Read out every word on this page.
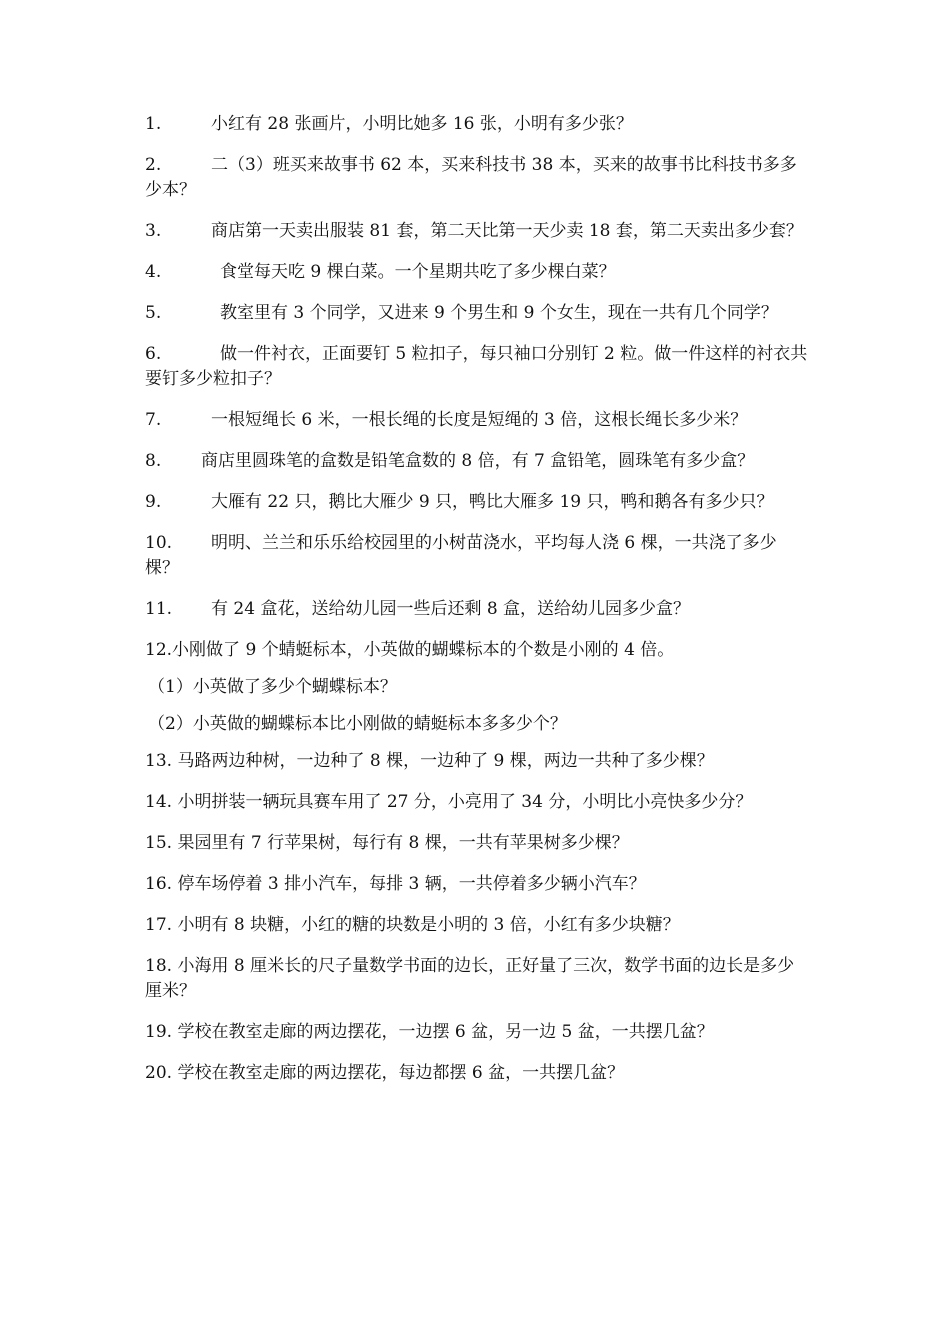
1.	小红有 28 张画片，小明比她多 16 张，小明有多少张？

2.	二（3）班买来故事书 62 本，买来科技书 38 本，买来的故事书比科技书多多少本？

3.	商店第一天卖出服装 81 套，第二天比第一天少卖 18 套，第二天卖出多少套？

4.	食堂每天吃 9 棵白菜。一个星期共吃了多少棵白菜？

5.	教室里有 3 个同学，又进来 9 个男生和 9 个女生，现在一共有几个同学？

6.	做一件衬衣，正面要钉 5 粒扣子，每只袖口分别钉 2 粒。做一件这样的衬衣共要钉多少粒扣子？

7.	一根短绳长 6 米，一根长绳的长度是短绳的 3 倍，这根长绳长多少米？

8. 商店里圆珠笔的盒数是铅笔盒数的 8 倍，有 7 盒铅笔，圆珠笔有多少盒？

9.	大雁有 22 只，鹅比大雁少 9 只，鸭比大雁多 19 只，鸭和鹅各有多少只？

10. 明明、兰兰和乐乐给校园里的小树苗浇水，平均每人浇 6 棵，一共浇了多少棵？

11. 有 24 盒花，送给幼儿园一些后还剩 8 盒，送给幼儿园多少盒？

12.小刚做了 9 个蜻蜓标本，小英做的蝴蝶标本的个数是小刚的 4 倍。

（1）小英做了多少个蝴蝶标本？

（2）小英做的蝴蝶标本比小刚做的蜻蜓标本多多少个？

13. 马路两边种树，一边种了 8 棵，一边种了 9 棵，两边一共种了多少棵？

14. 小明拼装一辆玩具赛车用了 27 分，小亮用了 34 分，小明比小亮快多少分？

15. 果园里有 7 行苹果树，每行有 8 棵，一共有苹果树多少棵？

16. 停车场停着 3 排小汽车，每排 3 辆，一共停着多少辆小汽车？

17. 小明有 8 块糖，小红的糖的块数是小明的 3 倍，小红有多少块糖？

18. 小海用 8 厘米长的尺子量数学书面的边长，正好量了三次，数学书面的边长是多少厘米？

19. 学校在教室走廊的两边摆花，一边摆 6 盆，另一边 5 盆，一共摆几盆？

20. 学校在教室走廊的两边摆花，每边都摆 6 盆，一共摆几盆？
